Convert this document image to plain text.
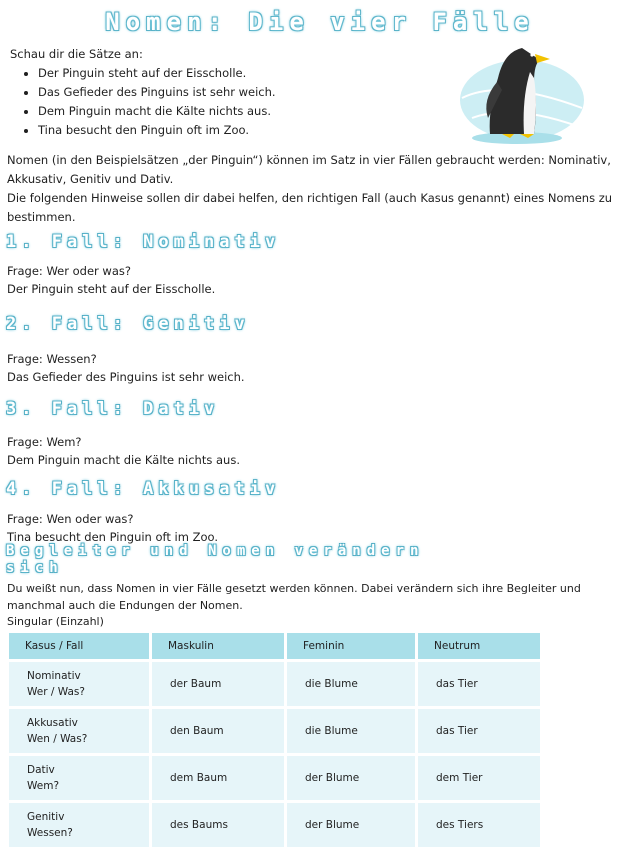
Nomen: Die vier Fälle
Schau dir die Sätze an:
• Der Pinguin steht auf der Eisscholle.
• Das Gefieder des Pinguins ist sehr weich.
• Dem Pinguin macht die Kälte nichts aus.
• Tina besucht den Pinguin oft im Zoo.
Nomen (in den Beispielsätzen „der Pinguin“) können im Satz in vier Fällen gebraucht werden: Nominativ, Akkusativ, Genitiv und Dativ.
Die folgenden Hinweise sollen dir dabei helfen, den richtigen Fall (auch Kasus genannt) eines Nomens zu bestimmen.
1. Fall: Nominativ
Frage: Wer oder was?
Der Pinguin steht auf der Eisscholle.
2. Fall: Genitiv
Frage: Wessen?
Das Gefieder des Pinguins ist sehr weich.
3. Fall: Dativ
Frage: Wem?
Dem Pinguin macht die Kälte nichts aus.
4. Fall: Akkusativ
Frage: Wen oder was?
Tina besucht den Pinguin oft im Zoo.
Begleiter und Nomen verändern
sich
Du weißt nun, dass Nomen in vier Fälle gesetzt werden können. Dabei verändern sich ihre Begleiter und manchmal auch die Endungen der Nomen.
Singular (Einzahl)
Kasus / Fall	Maskulin	Feminin	Neutrum

Nominativ
Wer / Was?	der Baum	die Blume	das Tier

Akkusativ
Wen / Was?	den Baum	die Blume	das Tier

Dativ
Wem?	dem Baum	der Blume	dem Tier

Genitiv
Wessen?	des Baums	der Blume	des Tiers
